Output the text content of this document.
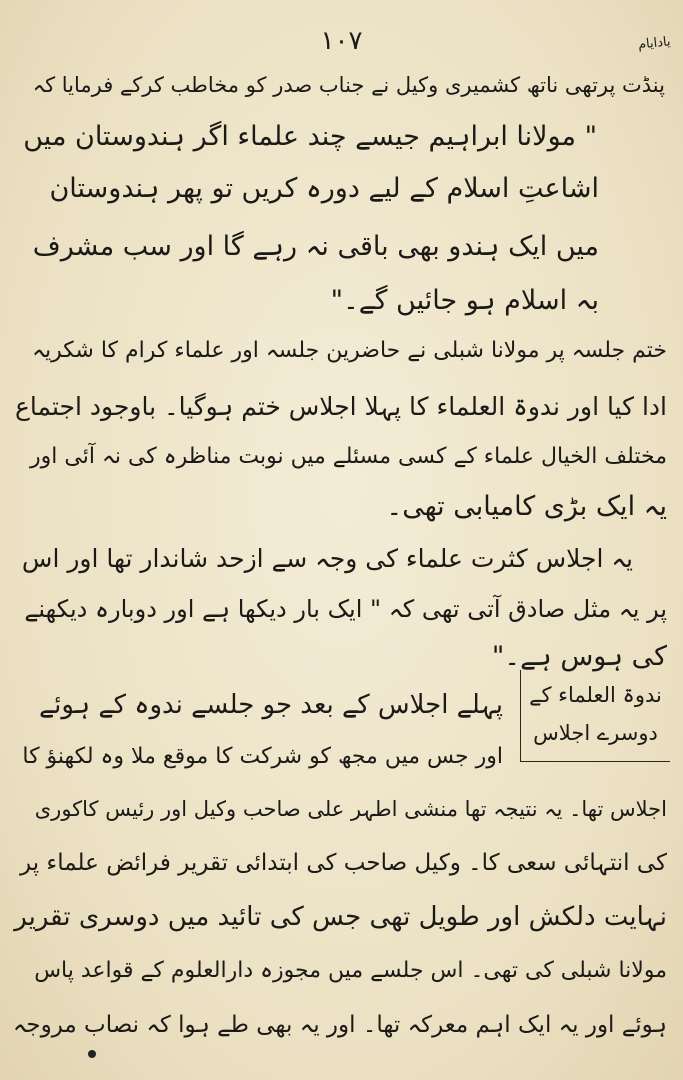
۱۰۷	یادایام
پنڈت پرتھی ناتھ کشمیری وکیل نے جناب صدر کو مخاطب کرکے فرمایا کہ
" مولانا ابراہیم جیسے چند علماء اگر ہندوستان میں
اشاعتِ اسلام کے لیے دورہ کریں تو پھر ہندوستان
میں ایک ہندو بھی باقی نہ رہے گا اور سب مشرف
بہ اسلام ہو جائیں گے۔"
ختم جلسہ پر مولانا شبلی نے حاضرین جلسہ اور علماء کرام کا شکریہ
ادا کیا اور ندوۃ العلماء کا پہلا اجلاس ختم ہوگیا۔ باوجود اجتماع
مختلف الخیال علماء کے کسی مسئلے میں نوبت مناظرہ کی نہ آئی اور
یہ ایک بڑی کامیابی تھی۔
یہ اجلاس کثرت علماء کی وجہ سے ازحد شاندار تھا اور اس
پر یہ مثل صادق آتی تھی کہ " ایک بار دیکھا ہے اور دوبارہ دیکھنے
کی ہوس ہے۔"
ندوۃ العلماء کے
دوسرے اجلاس
پہلے اجلاس کے بعد جو جلسے ندوہ کے ہوئے
اور جس میں مجھ کو شرکت کا موقع ملا وہ لکھنؤ کا
اجلاس تھا۔ یہ نتیجہ تھا منشی اطہر علی صاحب وکیل اور رئیس کاکوری
کی انتہائی سعی کا۔ وکیل صاحب کی ابتدائی تقریر فرائض علماء پر
نہایت دلکش اور طویل تھی جس کی تائید میں دوسری تقریر
مولانا شبلی کی تھی۔ اس جلسے میں مجوزہ دارالعلوم کے قواعد پاس
ہوئے اور یہ ایک اہم معرکہ تھا۔ اور یہ بھی طے ہوا کہ نصاب مروجہ
